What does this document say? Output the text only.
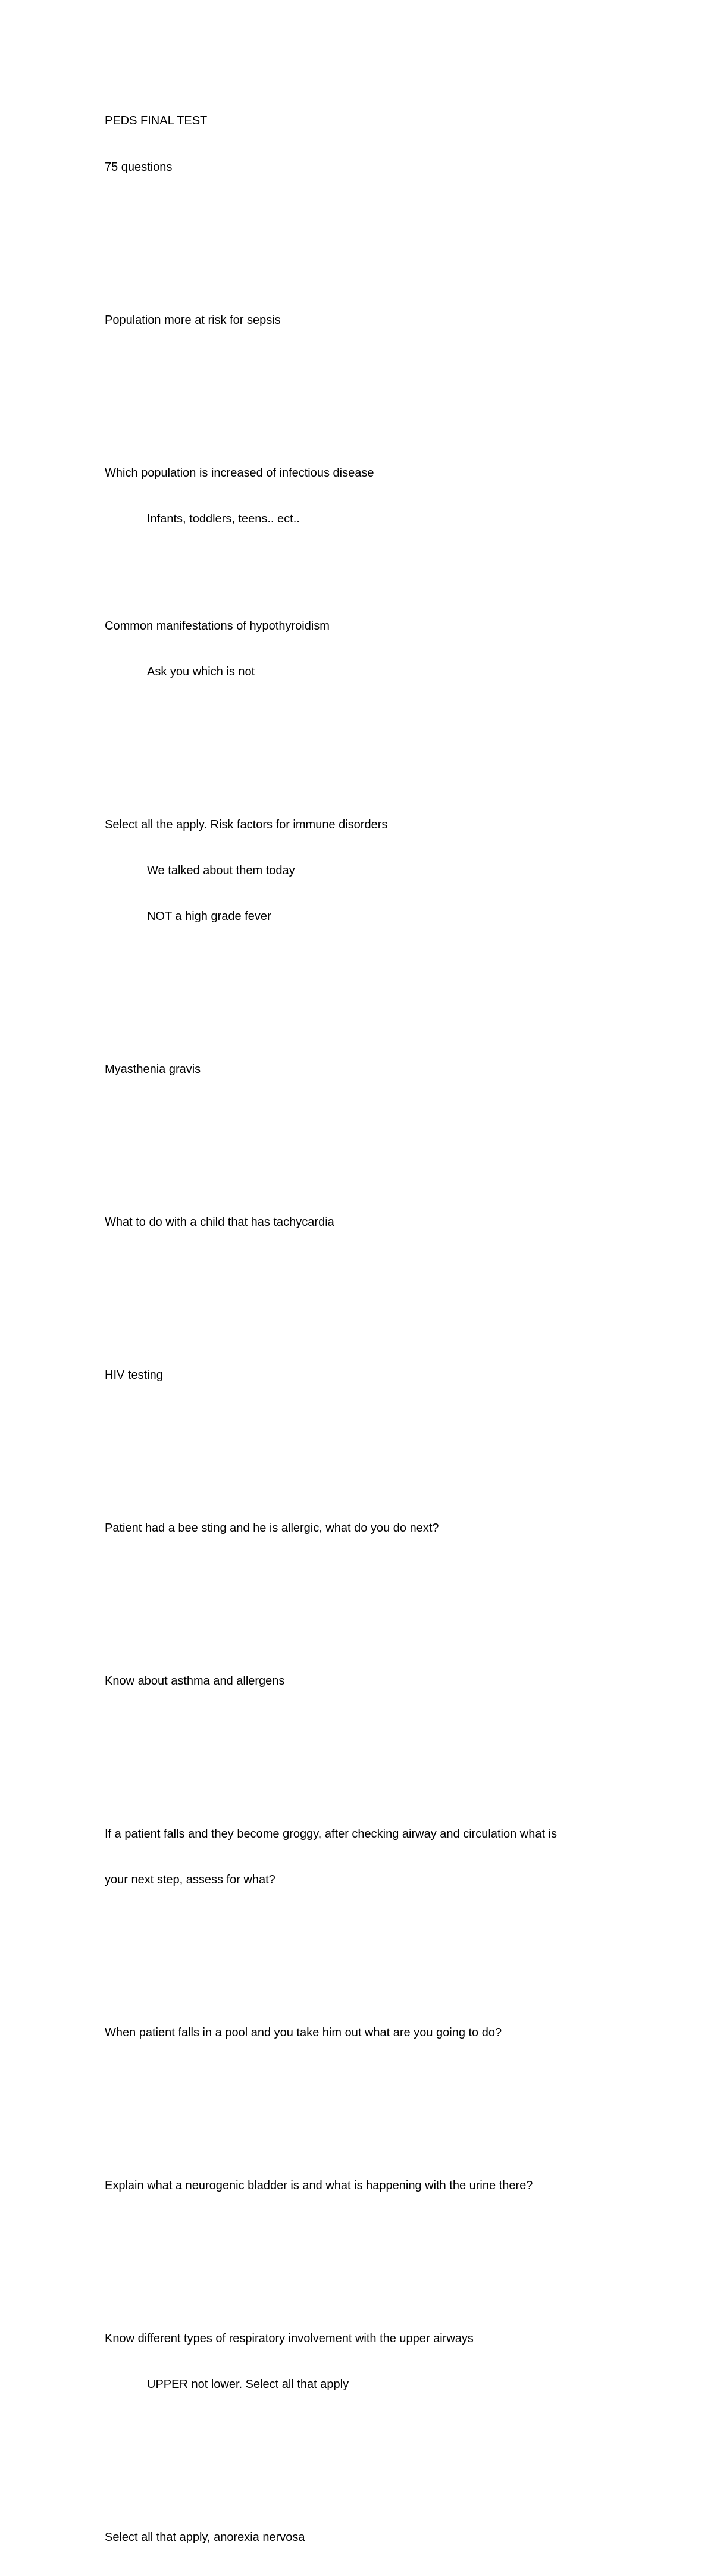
PEDS FINAL TEST

75 questions

Population more at risk for sepsis

Which population is increased of infectious disease

Infants, toddlers, teens.. ect..

Common manifestations of hypothyroidism

Ask you which is not

Select all the apply. Risk factors for immune disorders

We talked about them today

NOT a high grade fever

Myasthenia gravis

What to do with a child that has tachycardia

HIV testing

Patient had a bee sting and he is allergic, what do you do next?

Know about asthma and allergens

If a patient falls and they become groggy, after checking airway and circulation what is

your next step, assess for what?

When patient falls in a pool and you take him out what are you going to do?

Explain what a neurogenic bladder is and what is happening with the urine there?

Know different types of respiratory involvement with the upper airways

UPPER not lower. Select all that apply

Select all that apply, anorexia nervosa
